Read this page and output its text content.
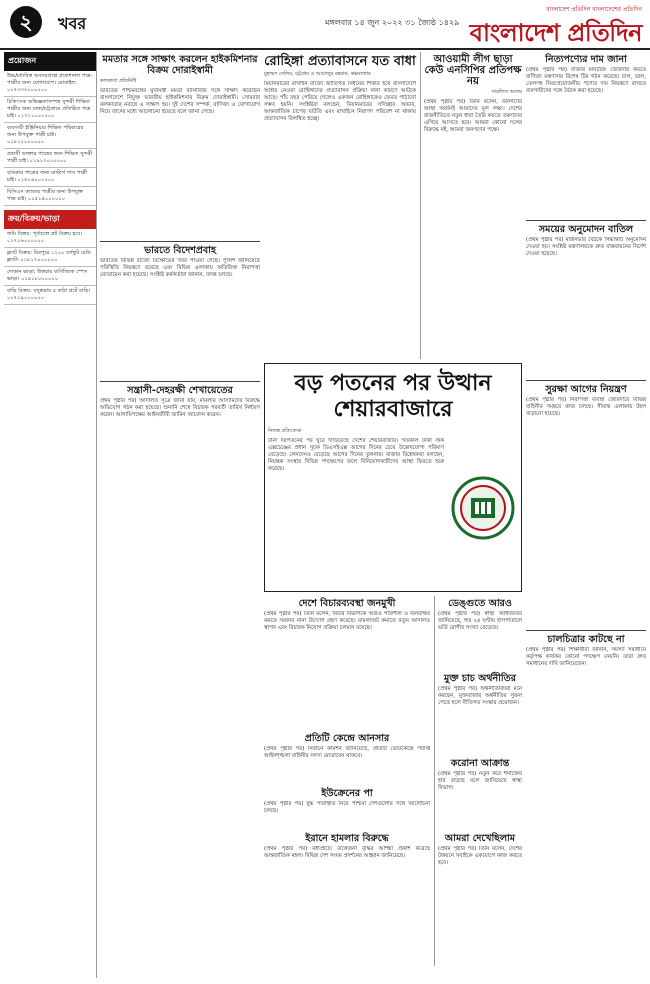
২	খবর	মঙ্গলবার ১৪ জুন ২০২২ ৩১ জ্যৈষ্ঠ ১৪২৯
বাংলাদেশ প্রতিদিন বাংলাদেশের প্রতিদিন
বাংলাদেশ প্রতিদিন
প্রয়োজন
উচ্চ/মধ্যবিত্ত অবসরপ্রাপ্ত প্রফেশনাল পাত্র-পাত্রীর জন্য যোগাযোগ। মোবাইল: ০১৭৩৩৩০০০০০০
চিকিৎসক অভিজ্ঞতাসম্পন্ন সুন্দরী শিক্ষিত পাত্রীর জন্য ঢাকা/চট্টগ্রামে প্রতিষ্ঠিত পাত্র চাই। ০১৭১১০০০০০০
ব্যবসায়ী ইঞ্জিনিয়ার শিক্ষিত পরিবারের জন্য উপযুক্ত পাত্রী চাই। ০১৮১২০০০০০০
প্রবাসী ডাক্তার পাত্রের জন্য শিক্ষিত সুন্দরী পাত্রী চাই। ০১৯১৩০০০০০০
ব্যাংকার পাত্রের জন্য মাস্টার্স পাস পাত্রী চাই। ০১৬১৪০০০০০০
বিসিএস ক্যাডার পাত্রীর জন্য উপযুক্ত পাত্র চাই। ০১৫১৫০০০০০০
ক্রয়/বিক্রয়/ভাড়া
জমি বিক্রয়: পূর্বাচলে প্লট বিক্রয় হবে। ০১৭১৬০০০০০০
ফ্ল্যাট বিক্রয়: মিরপুরে ১২০০ বর্গফুট রেডি ফ্ল্যাট। ০১৮১৭০০০০০০
দোকান ভাড়া: উত্তরায় বাণিজ্যিক স্পেস ভাড়া। ০১৯১৮০০০০০০
বাড়ি বিক্রয়: বসুন্ধরায় ৫ কাঠা প্লটে বাড়ি। ০১৭১৯০০০০০০
মমতার সঙ্গে সাক্ষাৎ করলেন হাইকমিশনার বিক্রম দোরাইস্বামী
কলকাতা প্রতিনিধি
ভারতের পশ্চিমবঙ্গের মুখ্যমন্ত্রী মমতা ব্যানার্জির সঙ্গে সাক্ষাৎ করেছেন বাংলাদেশে নিযুক্ত ভারতীয় হাইকমিশনার বিক্রম দোরাইস্বামী। সোমবার কলকাতার নবান্নে এ সাক্ষাৎ হয়। দুই দেশের সম্পর্ক, বাণিজ্য ও যোগাযোগ নিয়ে তাদের মধ্যে আলোচনা হয়েছে বলে জানা গেছে।
ভারতে বিদেশপ্রবাহ
ভারতের বিভিন্ন রাজ্যে বিক্ষোভের খবর পাওয়া গেছে। পুলিশ জানিয়েছে পরিস্থিতি নিয়ন্ত্রণে রয়েছে এবং বিভিন্ন এলাকায় অতিরিক্ত নিরাপত্তা মোতায়েন করা হয়েছে। সংশ্লিষ্ট কর্মকর্তারা জানান, তদন্ত চলছে।
সন্ত্রাসী-দেহরক্ষী শেখায়েতের
প্রথম পৃষ্ঠার পর) আদালত সূত্রে জানা যায়, মামলার আসামিদের বিরুদ্ধে অভিযোগ গঠন করা হয়েছে। শুনানি শেষে বিচারক পরবর্তী তারিখ নির্ধারণ করেন। আসামিপক্ষের আইনজীবী জামিন আবেদন করেন।
রোহিঙ্গা প্রত্যাবাসনে যত বাধা
মুহাম্মদ সেলিম, চট্টগ্রাম ও আয়াজুর রহমান, কক্সবাজার
মিয়ানমারের রাখাইন রাজ্যে জাতিগত নিধনের শিকার হয়ে বাংলাদেশে আশ্রয় নেওয়া রোহিঙ্গাদের প্রত্যাবাসন প্রক্রিয়া নানা কারণে আটকে আছে। পাঁচ বছর পেরিয়ে গেলেও একজন রোহিঙ্গাকেও ফেরত পাঠানো সম্ভব হয়নি। সংশ্লিষ্টরা বলছেন, মিয়ানমারের সদিচ্ছার অভাব, আন্তর্জাতিক চাপের ঘাটতি এবং রাখাইনে নিরাপদ পরিবেশ না থাকায় প্রত্যাবাসন বিলম্বিত হচ্ছে।
আওয়ামী লীগ ছাড়া কেউ এনসিপির প্রতিপক্ষ নয়
সারজিস আলম
(প্রথম পৃষ্ঠার পর) তিনি বলেন, জনগণের আস্থা অর্জনই আমাদের মূল লক্ষ্য। দেশের রাজনীতিতে নতুন ধারা তৈরি করতে তরুণদের এগিয়ে আসতে হবে। আমরা কোনো দলের বিরুদ্ধে নই, আমরা জনগণের পক্ষে।
বড় পতনের পর উত্থান শেয়ারবাজারে
নিজস্ব প্রতিবেদক
টানা দরপতনের পর ঘুরে দাঁড়িয়েছে দেশের শেয়ারবাজার। গতকাল ঢাকা স্টক এক্সচেঞ্জের প্রধান সূচক ডিএসইএক্স আগের দিনের চেয়ে উল্লেখযোগ্য পরিমাণ বেড়েছে। লেনদেনও বেড়েছে আগের দিনের তুলনায়। বাজার বিশ্লেষকরা বলছেন, নিয়ন্ত্রক সংস্থার বিভিন্ন পদক্ষেপের ফলে বিনিয়োগকারীদের আস্থা ফিরতে শুরু করেছে।
দেশে বিচারব্যবস্থা জনমুখী
(প্রথম পৃষ্ঠার পর) তিনি বলেন, বিচার বিভাগকে আরও গতিশীল ও জনবান্ধব করতে সরকার নানা উদ্যোগ গ্রহণ করেছে। মামলাজট কমাতে নতুন আদালত স্থাপন এবং বিচারক নিয়োগ প্রক্রিয়া চলমান রয়েছে।
প্রতিটি কেন্দ্রে আনসার
(প্রথম পৃষ্ঠার পর) নির্বাচন কমিশন জানিয়েছে, প্রতিটি ভোটকেন্দ্রে পর্যাপ্ত আইনশৃঙ্খলা বাহিনীর সদস্য মোতায়েন থাকবে।
ইউক্রেনের পা
(প্রথম পৃষ্ঠার পর) যুদ্ধ পরিস্থিতি নিয়ে পশ্চিমা দেশগুলোর সঙ্গে আলোচনা চলছে।
ইরানে হামলার বিরুদ্ধে
(প্রথম পৃষ্ঠার পর) মধ্যপ্রাচ্যে উত্তেজনা বৃদ্ধির আশঙ্কা প্রকাশ করেছে আন্তর্জাতিক মহল। বিভিন্ন দেশ সংযম প্রদর্শনের আহ্বান জানিয়েছে।
ডেঙ্গুতে আরও
(প্রথম পৃষ্ঠার পর) স্বাস্থ্য অধিদফতর জানিয়েছে, গত ২৪ ঘণ্টায় হাসপাতালে ভর্তি রোগীর সংখ্যা বেড়েছে।
মুক্ত চাচ অর্থনীতির
(প্রথম পৃষ্ঠার পর) অর্থনীতিবিদরা মনে করছেন, মুক্তবাজার অর্থনীতির সুফল পেতে হলে নীতিগত সংস্কার প্রয়োজন।
করোনা আক্রান্ত
(প্রথম পৃষ্ঠার পর) নতুন করে শনাক্তের হার বাড়ছে বলে জানিয়েছে স্বাস্থ্য বিভাগ।
আমরা দেখেছিলাম
(প্রথম পৃষ্ঠার পর) তিনি বলেন, দেশের উন্নয়নে সবাইকে একযোগে কাজ করতে হবে।
নিত্যপণ্যের দাম জানা
(প্রথম পৃষ্ঠার পর) বাজার মনিটরিং জোরদার করতে বাণিজ্য মন্ত্রণালয় বিশেষ টিম গঠন করেছে। চাল, ডাল, তেলসহ নিত্যপ্রয়োজনীয় পণ্যের দাম নিয়ন্ত্রণে রাখতে ব্যবসায়ীদের সঙ্গে বৈঠক করা হয়েছে।
সময়ের অনুমোদন বাতিল
(প্রথম পৃষ্ঠার পর) মন্ত্রিসভার বৈঠকে সিদ্ধান্তটি অনুমোদন দেওয়া হয়। সংশ্লিষ্ট মন্ত্রণালয়কে দ্রুত বাস্তবায়নের নির্দেশ দেওয়া হয়েছে।
সুরক্ষা আগের নিয়ন্ত্রণ
(প্রথম পৃষ্ঠার পর) নিরাপত্তা ব্যবস্থা জোরদারে বিভিন্ন বাহিনীর সমন্বয়ে কাজ চলছে। সীমান্ত এলাকায় টহল বাড়ানো হয়েছে।
চালচিত্রার কাটছে না
(প্রথম পৃষ্ঠার পর) শিক্ষার্থীরা জানান, সমস্যা সমাধানে কর্তৃপক্ষ কার্যকর কোনো পদক্ষেপ নেয়নি। তারা দ্রুত সমাধানের দাবি জানিয়েছেন।
